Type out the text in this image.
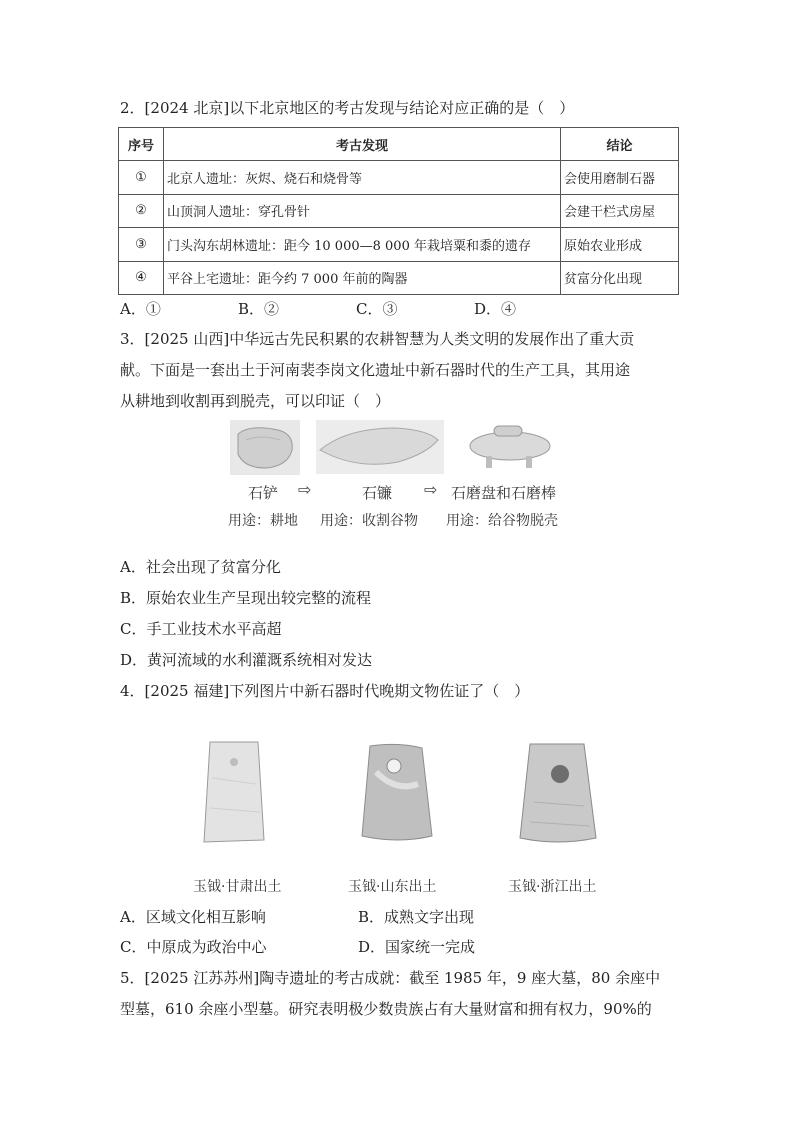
2．[2024 北京]以下北京地区的考古发现与结论对应正确的是（　）
序号	考古发现	结论
①	北京人遗址：灰烬、烧石和烧骨等	会使用磨制石器
②	山顶洞人遗址：穿孔骨针	会建干栏式房屋
③	门头沟东胡林遗址：距今 10 000—8 000 年栽培粟和黍的遗存	原始农业形成
④	平谷上宅遗址：距今约 7 000 年前的陶器	贫富分化出现
A．①	B．②	C．③	D．④
3．[2025 山西]中华远古先民积累的农耕智慧为人类文明的发展作出了重大贡
献。下面是一套出土于河南裴李岗文化遗址中新石器时代的生产工具，其用途
从耕地到收割再到脱壳，可以印证（　）
石铲 ⇨	石镰 ⇨ 石磨盘和石磨棒
用途：耕地 用途：收割谷物 用途：给谷物脱壳
A．社会出现了贫富分化
B．原始农业生产呈现出较完整的流程
C．手工业技术水平高超
D．黄河流域的水利灌溉系统相对发达
4．[2025 福建]下列图片中新石器时代晚期文物佐证了（　）
玉钺·甘肃出土	玉钺·山东出土	玉钺·浙江出土
A．区域文化相互影响	B．成熟文字出现
C．中原成为政治中心	D．国家统一完成
5．[2025 江苏苏州]陶寺遗址的考古成就：截至 1985 年，9 座大墓，80 余座中
型墓，610 余座小型墓。研究表明极少数贵族占有大量财富和拥有权力，90%的
